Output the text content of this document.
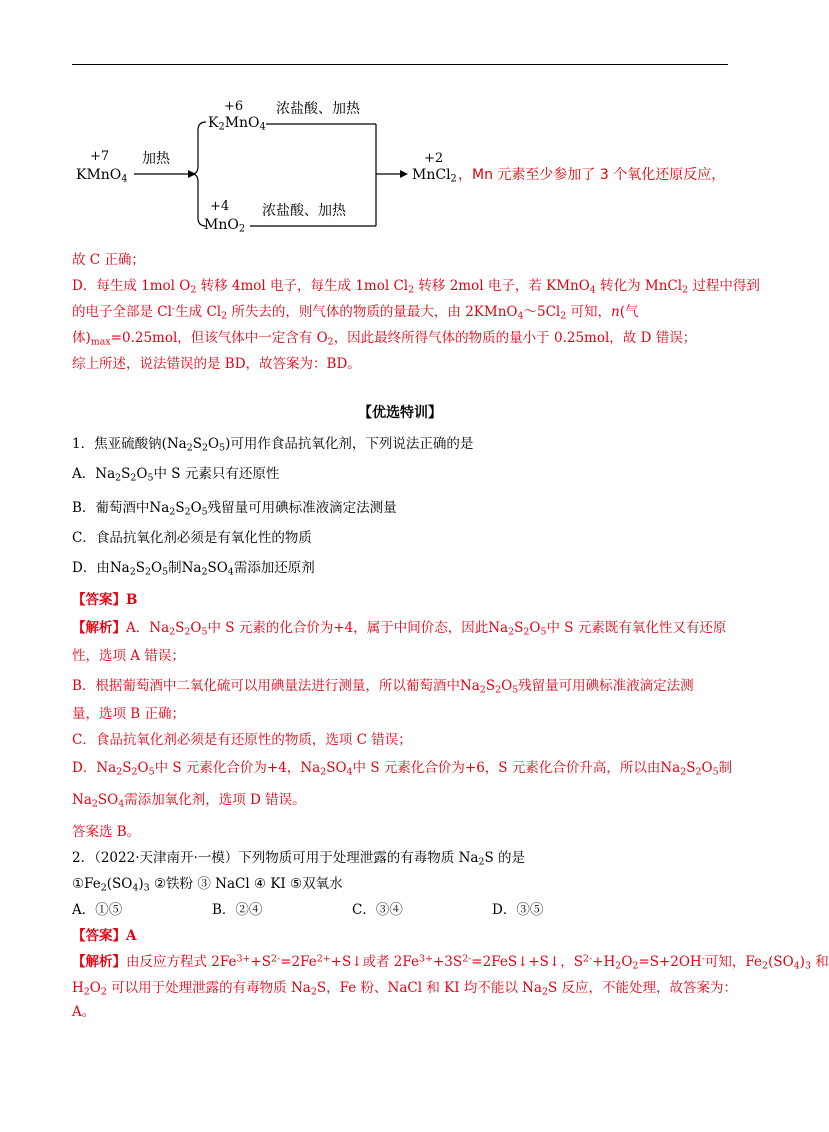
+7
KMnO$_4$
加热
+6
$K_2MnO_4$
浓盐酸、加热
+4
MnO$_2$
浓盐酸、加热
+2
MnCl$_2$ ，Mn 元素至少参加了 3 个氧化还原反应，
故 C 正确；
D．每生成 1mol $O_2$ 转移 4mol 电子，每生成 1mol $Cl_2$ 转移 2mol 电子，若 KMnO$_4$ 转化为 MnCl$_2$ 过程中得到
的电子全部是 Cl-生成 $Cl_2$ 所失去的，则气体的物质的量最大，由 $2KMnO_4\sim 5Cl_2$ 可知，n(气
体)$_{max}=0.25mol$，但该气体中一定含有 $O_2$，因此最终所得气体的物质的量小于 0.25mol，故 D 错误；
综上所述，说法错误的是 BD，故答案为：BD。
【优选特训】
1．焦亚硫酸钠$(Na_2S_2O_5)$可用作食品抗氧化剂，下列说法正确的是
A．$Na_2S_2O_5$中 S 元素只有还原性
B．葡萄酒中$Na_2S_2O_5$残留量可用碘标准液滴定法测量
C．食品抗氧化剂必须是有氧化性的物质
D．由$Na_2S_2O_5$制$Na_2SO_4$需添加还原剂
【答案】B
【解析】A．$Na_2S_2O_5$中 S 元素的化合价为+4，属于中间价态，因此$Na_2S_2O_5$中 S 元素既有氧化性又有还原
性，选项 A 错误；
B．根据葡萄酒中二氧化硫可以用碘量法进行测量，所以葡萄酒中$Na_2S_2O_5$残留量可用碘标准液滴定法测
量，选项 B 正确；
C．食品抗氧化剂必须是有还原性的物质，选项 C 错误；
D．$Na_2S_2O_5$中 S 元素化合价为+4，$Na_2SO_4$中 S 元素化合价为+6，S 元素化合价升高，所以由$Na_2S_2O_5$制
$Na_2SO_4$需添加氧化剂，选项 D 错误。
答案选 B。
2．（2022·天津南开·一模）下列物质可用于处理泄露的有毒物质 $Na_2S$ 的是
$①Fe_2(SO_4)_3$ ②铁粉 ③ NaCl ④ KI ⑤双氧水
A．①⑤	B．②④	C．③④	D．③⑤
【答案】A
【解析】由反应方程式 $2Fe^{3+}+S^{2-}=2Fe^{2+}+S↓$或者 $2Fe^{3+}+3S^{2-}=2FeS↓+S↓$，$S^{2-}+H_2O_2=S+2OH^-$可知，$Fe_2(SO_4)_3$ 和
$H_2O_2$ 可以用于处理泄露的有毒物质 $Na_2S$，Fe 粉、NaCl 和 KI 均不能以 $Na_2S$ 反应，不能处理，故答案为：
A。
